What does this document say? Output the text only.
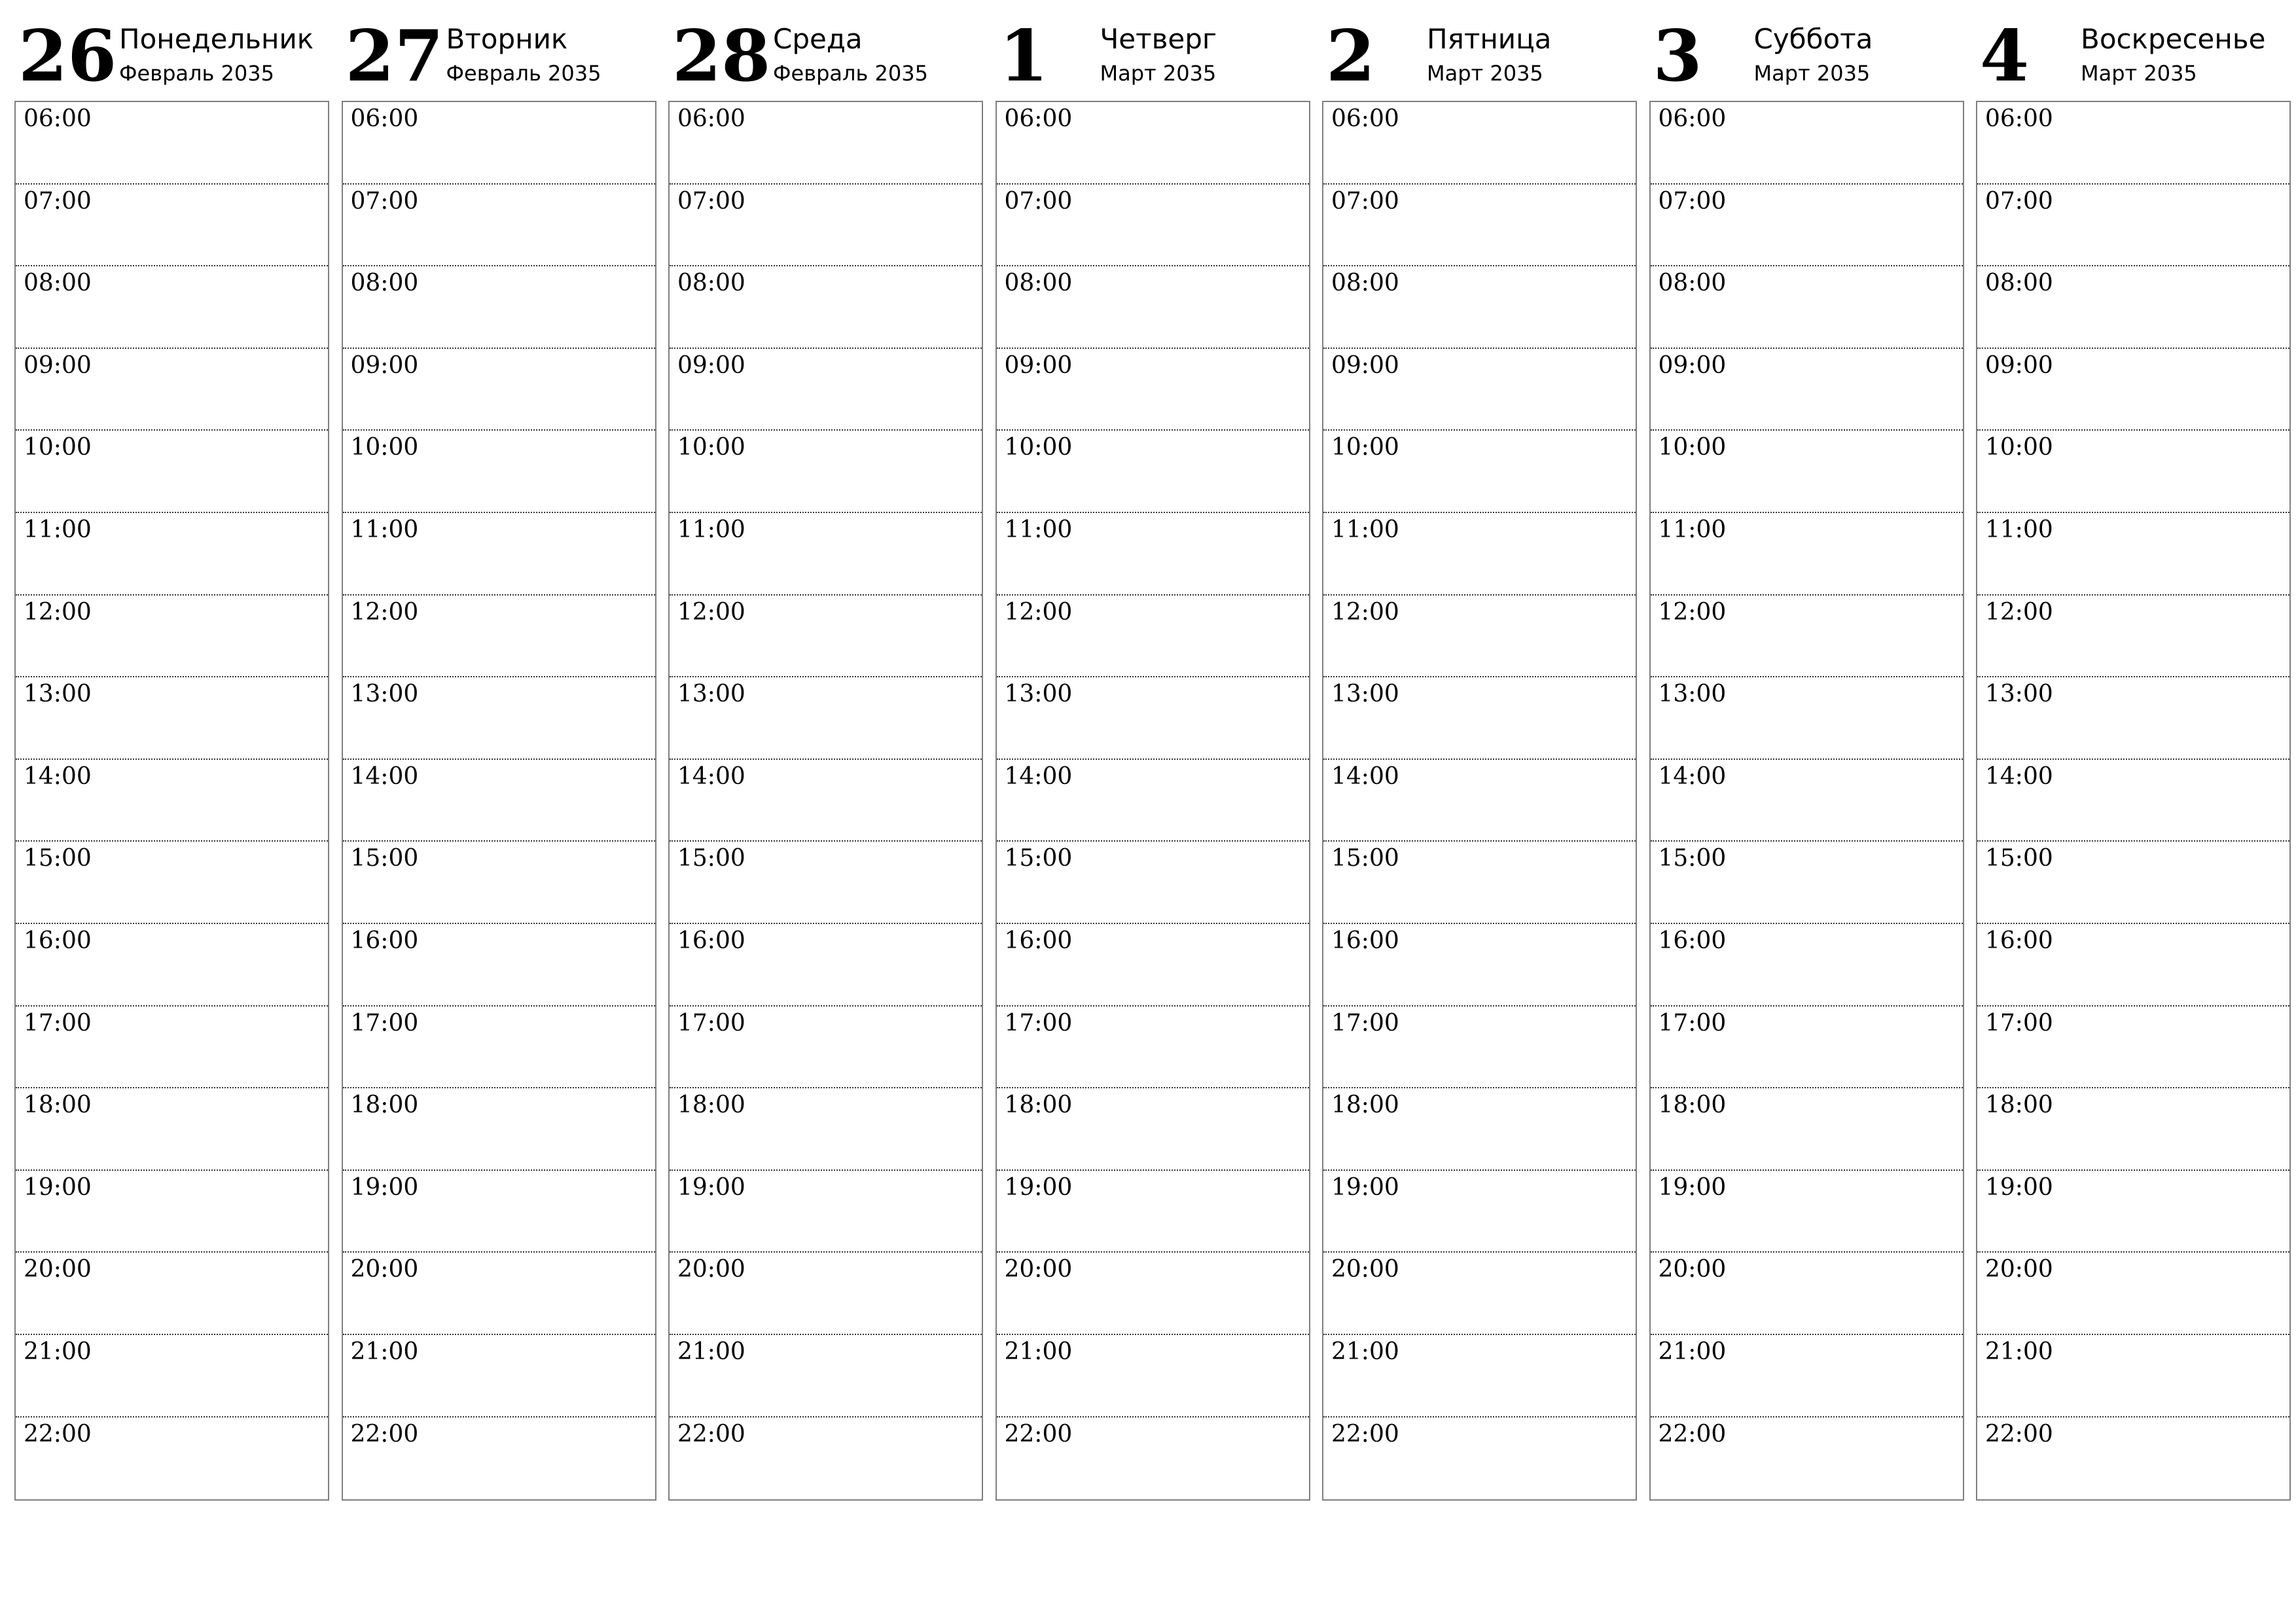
26 Понедельник
Февраль 2035
06:00
07:00
08:00
09:00
10:00
11:00
12:00
13:00
14:00
15:00
16:00
17:00
18:00
19:00
20:00
21:00
22:00
27 Вторник
Февраль 2035
06:00
07:00
08:00
09:00
10:00
11:00
12:00
13:00
14:00
15:00
16:00
17:00
18:00
19:00
20:00
21:00
22:00
28 Среда
Февраль 2035
06:00
07:00
08:00
09:00
10:00
11:00
12:00
13:00
14:00
15:00
16:00
17:00
18:00
19:00
20:00
21:00
22:00
1 Четверг
Март 2035
06:00
07:00
08:00
09:00
10:00
11:00
12:00
13:00
14:00
15:00
16:00
17:00
18:00
19:00
20:00
21:00
22:00
2 Пятница
Март 2035
06:00
07:00
08:00
09:00
10:00
11:00
12:00
13:00
14:00
15:00
16:00
17:00
18:00
19:00
20:00
21:00
22:00
3 Суббота
Март 2035
06:00
07:00
08:00
09:00
10:00
11:00
12:00
13:00
14:00
15:00
16:00
17:00
18:00
19:00
20:00
21:00
22:00
4 Воскресенье
Март 2035
06:00
07:00
08:00
09:00
10:00
11:00
12:00
13:00
14:00
15:00
16:00
17:00
18:00
19:00
20:00
21:00
22:00
